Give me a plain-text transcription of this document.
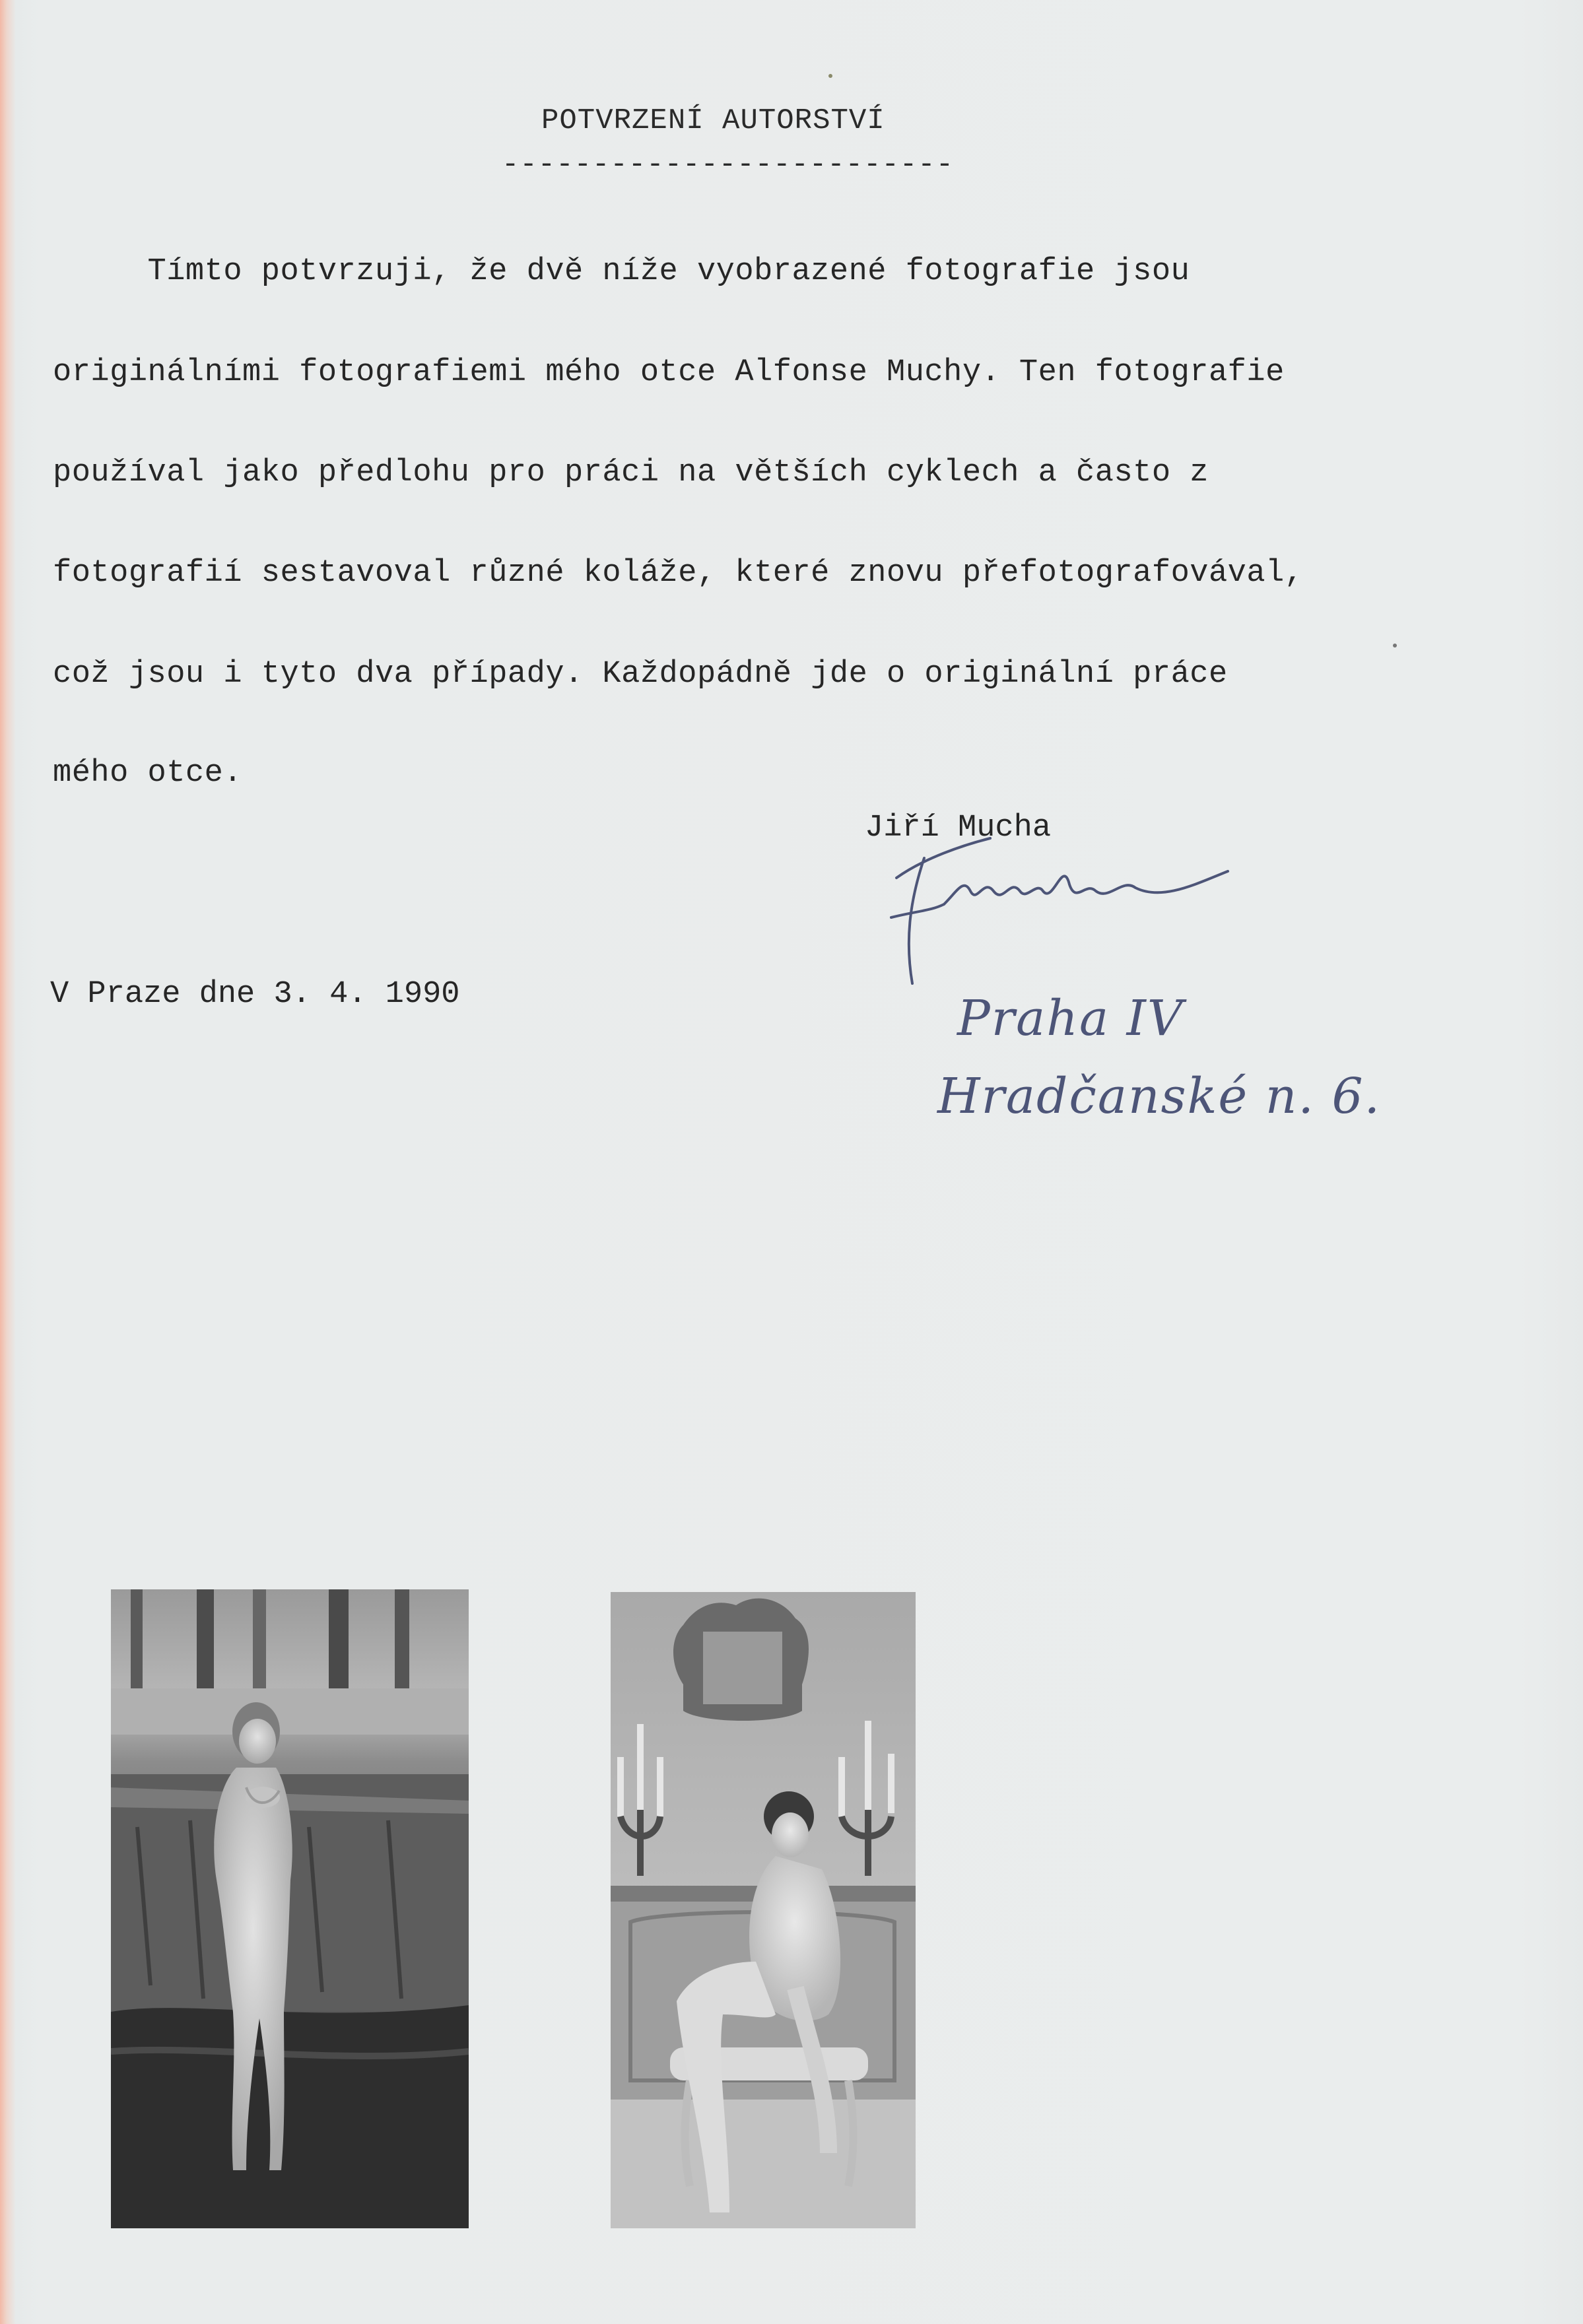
POTVRZENÍ AUTORSTVÍ
-------------------------
Tímto potvrzuji, že dvě níže vyobrazené fotografie jsou
originálními fotografiemi mého otce Alfonse Muchy. Ten fotografie
používal jako předlohu pro práci na větších cyklech a často z
fotografií sestavoval různé koláže, které znovu přefotografovával,
což jsou i tyto dva případy. Každopádně jde o originální práce
mého otce.
Jiří Mucha
V Praze dne 3. 4. 1990	Praha IV
Hradčanské n. 6.
